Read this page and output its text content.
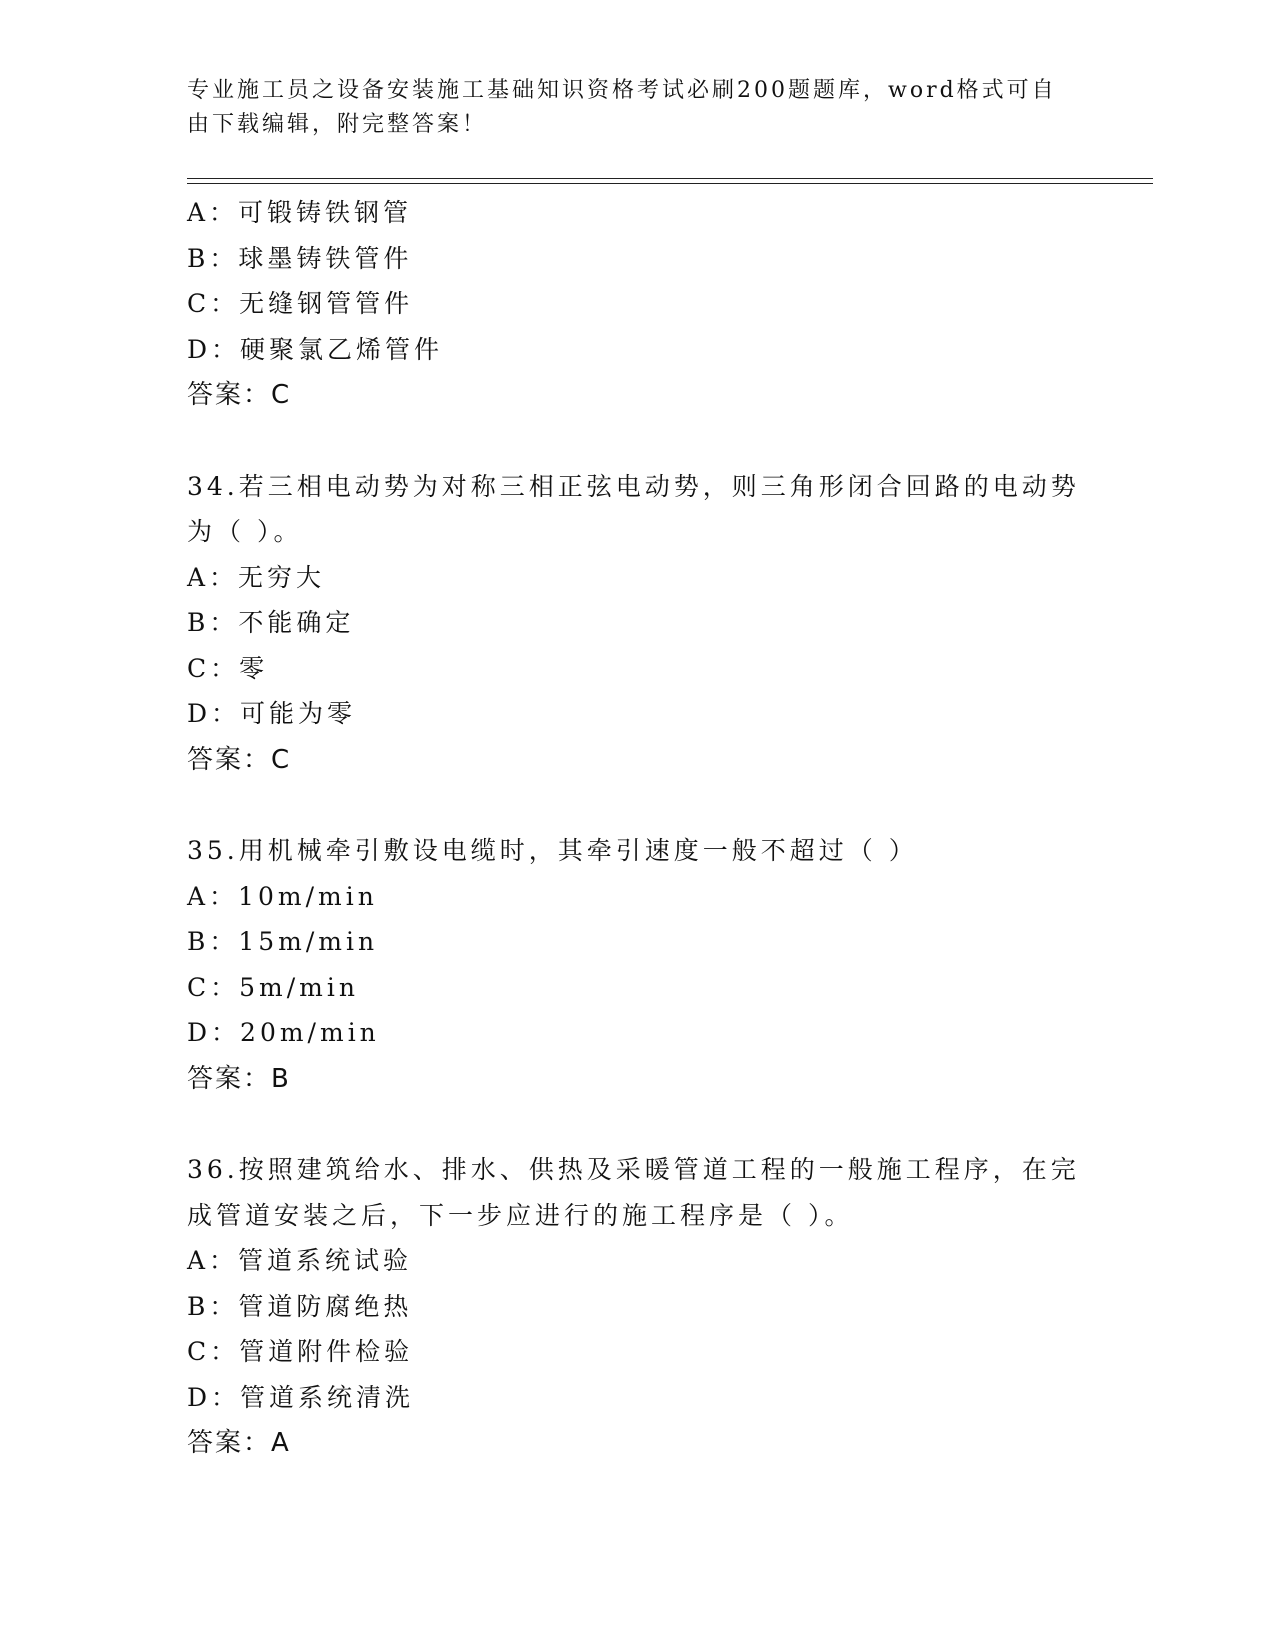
专业施工员之设备安装施工基础知识资格考试必刷200题题库，word格式可自由下载编辑，附完整答案！
A：可锻铸铁钢管
B：球墨铸铁管件
C：无缝钢管管件
D：硬聚氯乙烯管件
答案：C
34.若三相电动势为对称三相正弦电动势，则三角形闭合回路的电动势
为（ ）。
A：无穷大
B：不能确定
C：零
D：可能为零
答案：C
35.用机械牵引敷设电缆时，其牵引速度一般不超过（ ）
A：10m/min
B：15m/min
C：5m/min
D：20m/min
答案：B
36.按照建筑给水、排水、供热及采暖管道工程的一般施工程序，在完
成管道安装之后，下一步应进行的施工程序是（ ）。
A：管道系统试验
B：管道防腐绝热
C：管道附件检验
D：管道系统清洗
答案：A
